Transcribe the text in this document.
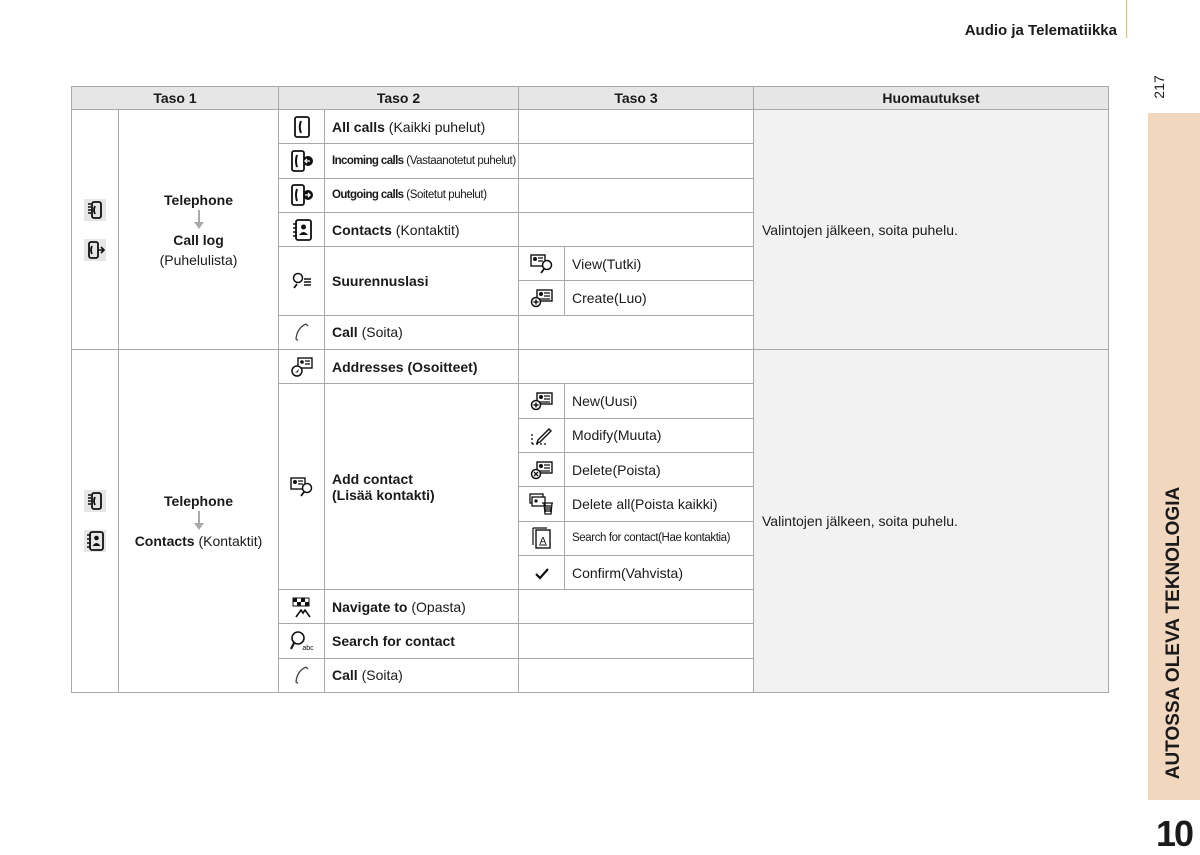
Audio ja Telematiikka
217
AUTOSSA OLEVA TEKNOLOGIA
10
Taso 1		Taso 2		Taso 3		Huomautukset

	Telephone
Call log
(Puhelulista)		All calls (Kaikki puhelut)			Valintojen jälkeen, soita puhelu.
	Incoming calls (Vastaanotetut puhelut)			
	Outgoing calls (Soitetut puhelut)			
	Contacts (Kontaktit)			
	Suurennuslasi		View(Tutki)	
	Create(Luo)	
	Call (Soita)			

	Telephone
Contacts (Kontaktit)		Addresses (Osoitteet)			Valintojen jälkeen, soita puhelu.
	Add contact
(Lisää kontakti)		New(Uusi)	
	Modify(Muuta)	
	Delete(Poista)	
	Delete all(Poista kaikki)	

A	Search for contact(Hae kontaktia)	
	Confirm(Vahvista)	
	Navigate to (Opasta)			

abc	Search for contact			
	Call (Soita)			
